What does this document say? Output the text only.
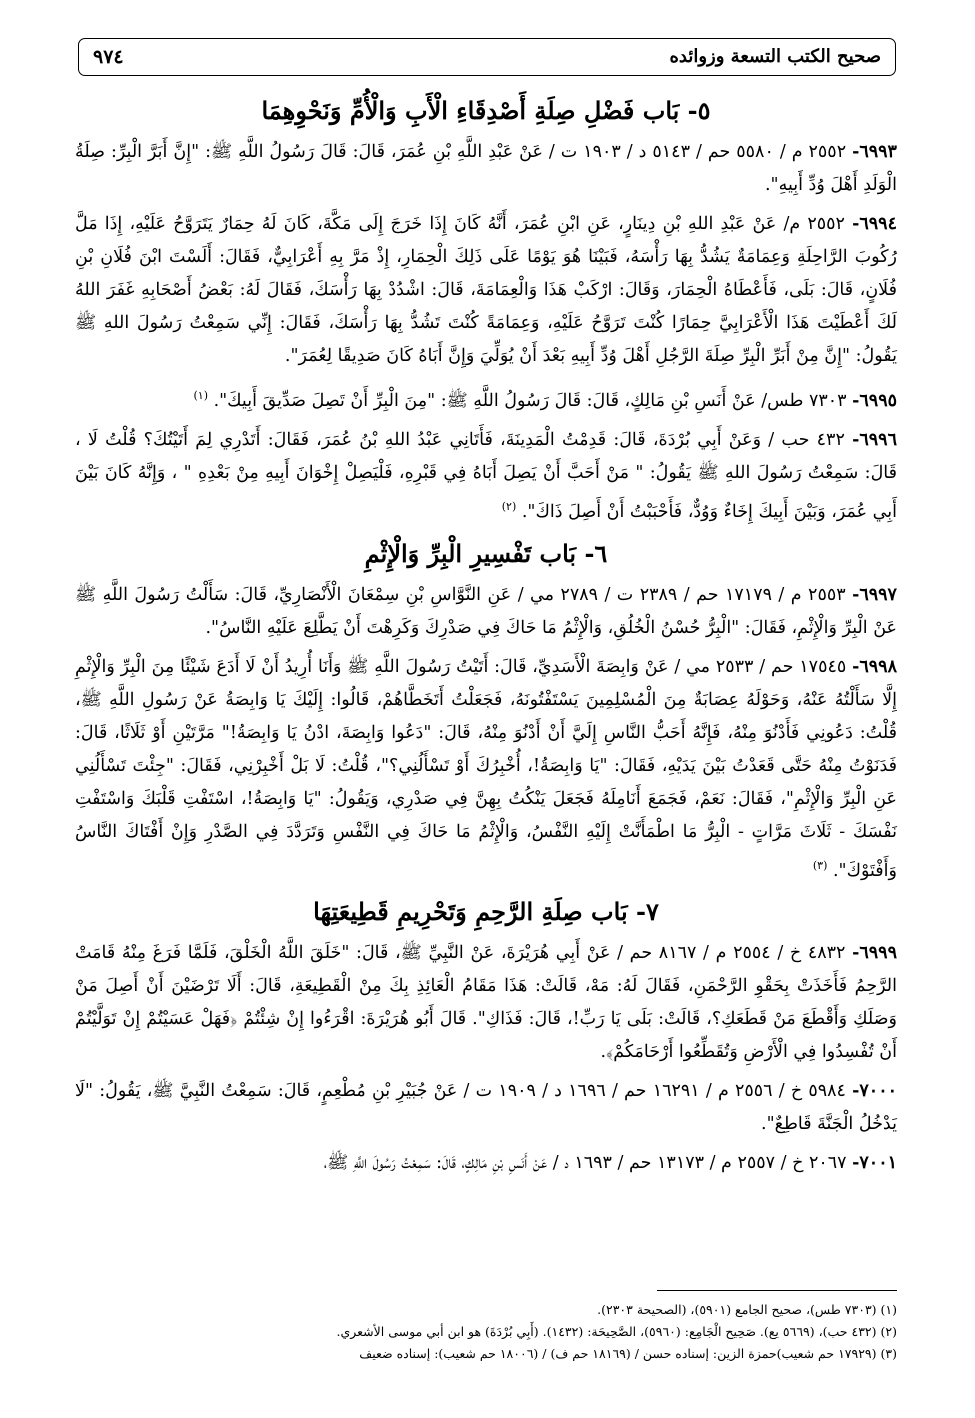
صحيح الكتب التسعة وزوائده
٩٧٤
٥- بَاب فَضْلِ صِلَةِ أَصْدِقَاءِ الْأَبِ وَالْأُمِّ وَنَحْوِهِمَا

٦٩٩٣- ٢٥٥٢ م / ٥٥٨٠ حم / ٥١٤٣ د / ١٩٠٣ ت / عَنْ عَبْدِ اللَّهِ بْنِ عُمَرَ، قَالَ: قَالَ رَسُولُ اللَّهِ ﷺ: "إِنَّ أَبَرَّ الْبِرِّ: صِلَةُ الْوَلَدِ أَهْلَ وُدِّ أَبِيهِ".

٦٩٩٤- ٢٥٥٢ م/ عَنْ عَبْدِ اللهِ بْنِ دِينَارٍ، عَنِ ابْنِ عُمَرَ، أَنَّهُ كَانَ إِذَا خَرَجَ إِلَى مَكَّةَ، كَانَ لَهُ حِمَارٌ يَتَرَوَّحُ عَلَيْهِ، إِذَا مَلَّ رُكُوبَ الرَّاحِلَةِ وَعِمَامَةٌ يَشُدُّ بِهَا رَأْسَهُ، فَبَيْنَا هُوَ يَوْمًا عَلَى ذَلِكَ الْحِمَارِ، إِذْ مَرَّ بِهِ أَعْرَابِيٌّ، فَقَالَ: أَلَسْتَ ابْنَ فُلَانِ بْنِ فُلَانٍ، قَالَ: بَلَى، فَأَعْطَاهُ الْحِمَارَ، وَقَالَ: ارْكَبْ هَذَا وَالْعِمَامَةَ، قَالَ: اشْدُدْ بِهَا رَأْسَكَ، فَقَالَ لَهُ: بَعْضُ أَصْحَابِهِ غَفَرَ اللهُ لَكَ أَعْطَيْتَ هَذَا الْأَعْرَابِيَّ حِمَارًا كُنْتَ تَرَوَّحُ عَلَيْهِ، وَعِمَامَةً كُنْتَ تَشُدُّ بِهَا رَأْسَكَ، فَقَالَ: إِنِّي سَمِعْتُ رَسُولَ اللهِ ﷺ يَقُولُ: "إِنَّ مِنْ أَبَرِّ الْبِرِّ صِلَةَ الرَّجُلِ أَهْلَ وُدِّ أَبِيهِ بَعْدَ أَنْ يُوَلِّيَ وَإِنَّ أَبَاهُ كَانَ صَدِيقًا لِعُمَرَ".

٦٩٩٥- ٧٣٠٣ طس/ عَنْ أَنَسِ بْنِ مَالِكٍ، قَالَ: قَالَ رَسُولُ اللَّهِ ﷺ: "مِنَ الْبِرِّ أَنْ تَصِلَ صَدِّيقَ أَبِيكَ". $^{(١)}$

٦٩٩٦- ٤٣٢ حب / وَعَنْ أَبِي بُرْدَةَ، قَالَ: قَدِمْتُ الْمَدِينَةَ، فَأَتَانِي عَبْدُ اللهِ بْنُ عُمَرَ، فَقَالَ: أَتَدْرِي لِمَ أَتَيْتُكَ؟ قُلْتُ لَا ، قَالَ: سَمِعْتُ رَسُولَ اللهِ ﷺ يَقُولُ: " مَنْ أَحَبَّ أَنْ يَصِلَ أَبَاهُ فِي قَبْرِهِ، فَلْيَصِلْ إِخْوَانَ أَبِيهِ مِنْ بَعْدِهِ " ، وَإِنَّهُ كَانَ بَيْنَ أَبِي عُمَرَ، وَبَيْنَ أَبِيكَ إِخَاءٌ وَوُدٌّ، فَأَحْبَبْتُ أَنْ أَصِلَ ذَاكَ". $^{(٢)}$

٦- بَاب تَفْسِيرِ الْبِرِّ وَالْإِثْمِ

٦٩٩٧- ٢٥٥٣ م / ١٧١٧٩ حم / ٢٣٨٩ ت / ٢٧٨٩ مي / عَنِ النَّوَّاسِ بْنِ سِمْعَانَ الْأَنْصَارِيِّ، قَالَ: سَأَلْتُ رَسُولَ اللَّهِ ﷺ عَنْ الْبِرِّ وَالْإِثْمِ، فَقَالَ: "الْبِرُّ حُسْنُ الْخُلُقِ، وَالْإِثْمُ مَا حَاكَ فِي صَدْرِكَ وَكَرِهْتَ أَنْ يَطَّلِعَ عَلَيْهِ النَّاسُ".

٦٩٩٨- ١٧٥٤٥ حم / ٢٥٣٣ مي / عَنْ وَابِصَةَ الْأَسَدِيِّ، قَالَ: أَتَيْتُ رَسُولَ اللَّهِ ﷺ وَأَنَا أُرِيدُ أَنْ لَا أَدَعَ شَيْئًا مِنَ الْبِرِّ وَالْإِثْمِ إِلَّا سَأَلْتُهُ عَنْهُ، وَحَوْلَهُ عِصَابَةٌ مِنَ الْمُسْلِمِينَ يَسْتَفْتُونَهُ، فَجَعَلْتُ أَتَخَطَّاهُمْ، قَالُوا: إِلَيْكَ يَا وَابِصَةُ عَنْ رَسُولِ اللَّهِ ﷺ، قُلْتُ: دَعُونِي فَأَدْنُوَ مِنْهُ، فَإِنَّهُ أَحَبُّ النَّاسِ إِلَيَّ أَنْ أَدْنُوَ مِنْهُ، قَالَ: "دَعُوا وَابِصَةَ، ادْنُ يَا وَابِصَةُ!" مَرَّتَيْنِ أَوْ ثَلَاثًا، قَالَ: فَدَنَوْتُ مِنْهُ حَتَّى قَعَدْتُ بَيْنَ يَدَيْهِ، فَقَالَ: "يَا وَابِصَةُ!، أُخْبِرُكَ أَوْ تَسْأَلُنِي؟"، قُلْتُ: لَا بَلْ أَخْبِرْنِي، فَقَالَ: "جِئْتَ تَسْأَلُنِي عَنِ الْبِرِّ وَالْإِثْمِ"، فَقَالَ: نَعَمْ، فَجَمَعَ أَنَامِلَهُ فَجَعَلَ يَنْكُتُ بِهِنَّ فِي صَدْرِي، وَيَقُولُ: "يَا وَابِصَةُ!، اسْتَفْتِ قَلْبَكَ وَاسْتَفْتِ نَفْسَكَ - ثَلَاثَ مَرَّاتٍ - الْبِرُّ مَا اطْمَأَنَّتْ إِلَيْهِ النَّفْسُ، وَالْإِثْمُ مَا حَاكَ فِي النَّفْسِ وَتَرَدَّدَ فِي الصَّدْرِ وَإِنْ أَفْتَاكَ النَّاسُ وَأَفْتَوْكَ". $^{(٣)}$

٧- بَاب صِلَةِ الرَّحِمِ وَتَحْرِيمِ قَطِيعَتِهَا

٦٩٩٩- ٤٨٣٢ خ / ٢٥٥٤ م / ٨١٦٧ حم / عَنْ أَبِي هُرَيْرَةَ، عَنْ النَّبِيِّ ﷺ، قَالَ: "خَلَقَ اللَّهُ الْخَلْقَ، فَلَمَّا فَرَغَ مِنْهُ قَامَتْ الرَّحِمُ فَأَخَذَتْ بِحَقْوِ الرَّحْمَنِ، فَقَالَ لَهُ: مَهْ، قَالَتْ: هَذَا مَقَامُ الْعَائِذِ بِكَ مِنْ الْقَطِيعَةِ، قَالَ: أَلَا تَرْضَيْنَ أَنْ أَصِلَ مَنْ وَصَلَكِ وَأَقْطَعَ مَنْ قَطَعَكِ؟، قَالَتْ: بَلَى يَا رَبِّ!، قَالَ: فَذَاكِ". قَالَ أَبُو هُرَيْرَةَ: اقْرَءُوا إِنْ شِئْتُمْ ﴿فَهَلْ عَسَيْتُمْ إِنْ تَوَلَّيْتُمْ أَنْ تُفْسِدُوا فِي الْأَرْضِ وَتُقَطِّعُوا أَرْحَامَكُمْ﴾.

٧٠٠٠- ٥٩٨٤ خ / ٢٥٥٦ م / ١٦٢٩١ حم / ١٦٩٦ د / ١٩٠٩ ت / عَنْ جُبَيْرِ بْنِ مُطْعِمٍ، قَالَ: سَمِعْتُ النَّبِيَّ ﷺ، يَقُولُ: "لَا يَدْخُلُ الْجَنَّةَ قَاطِعٌ".

٧٠٠١- ٢٠٦٧ خ / ٢٥٥٧ م / ١٣١٧٣ حم / ١٦٩٣ د / عَنْ أَنَسِ بْنِ مَالِكٍ، قَالَ: سَمِعْتُ رَسُولَ اللَّهِ ﷺ،

(١) (٧٣٠٣ طس)، صحيح الجامع (٥٩٠١)، (الصحيحة ٢٣٠٣).

(٢) (٤٣٢ حب)، (٥٦٦٩ يع). صَحِيح الْجَامِع: (٥٩٦٠)، الصَّحِيحَة: (١٤٣٢). (أَبِي بُرْدَةَ) هو ابن أبي موسى الأشعري.

(٣) (١٧٩٢٩ حم شعيب)حمزة الزين: إسناده حسن / (١٨١٦٩ حم ف) / (١٨٠٠٦ حم شعيب): إسناده ضعيف
